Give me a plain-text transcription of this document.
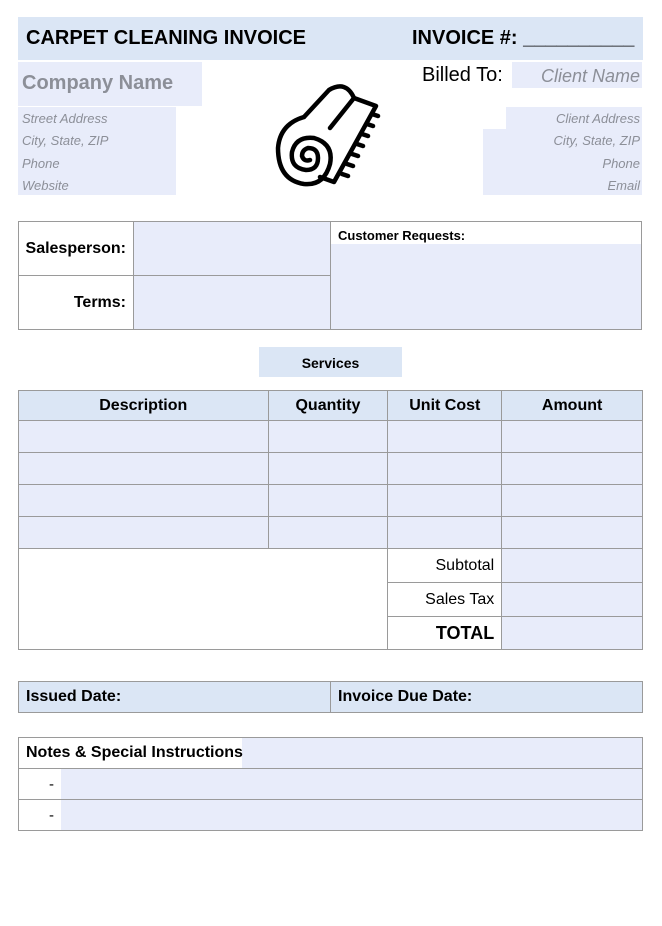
CARPET CLEANING INVOICE	INVOICE #: __________
Company Name
Street Address
City, State, ZIP
Phone
Website
Billed To: Client Name
Client Address
City, State, ZIP
Phone
Email
Salesperson:
Terms:
Customer Requests:
Services
Description	Quantity	Unit Cost	Amount

		Subtotal	
		Sales Tax	
		TOTAL	
Issued Date:	Invoice Due Date:
Notes & Special Instructions
-
-
